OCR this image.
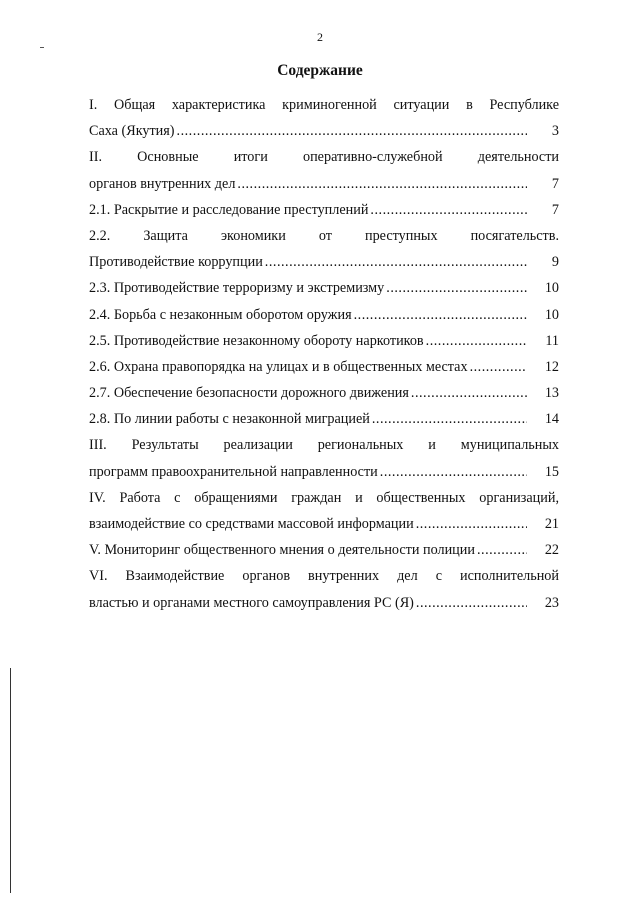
2
Содержание
I. Общая характеристика криминогенной ситуации в Республике
Саха (Якутия) .....	3
II. Основные итоги оперативно-служебной деятельности
органов внутренних дел .....	7
2.1. Раскрытие и расследование преступлений .....	7
2.2. Защита экономики от преступных посягательств.
Противодействие коррупции .....	9
2.3. Противодействие терроризму и экстремизму .....	10
2.4. Борьба с незаконным оборотом оружия .....	10
2.5. Противодействие незаконному обороту наркотиков .....	11
2.6. Охрана правопорядка на улицах и в общественных местах .....	12
2.7. Обеспечение безопасности дорожного движения .....	13
2.8. По линии работы с незаконной миграцией .....	14
III. Результаты реализации региональных и муниципальных
программ правоохранительной направленности .....	15
IV. Работа с обращениями граждан и общественных организаций,
взаимодействие со средствами массовой информации .....	21
V. Мониторинг общественного мнения о деятельности полиции .....	22
VI. Взаимодействие органов внутренних дел с исполнительной
властью и органами местного самоуправления РС (Я) .....	23
